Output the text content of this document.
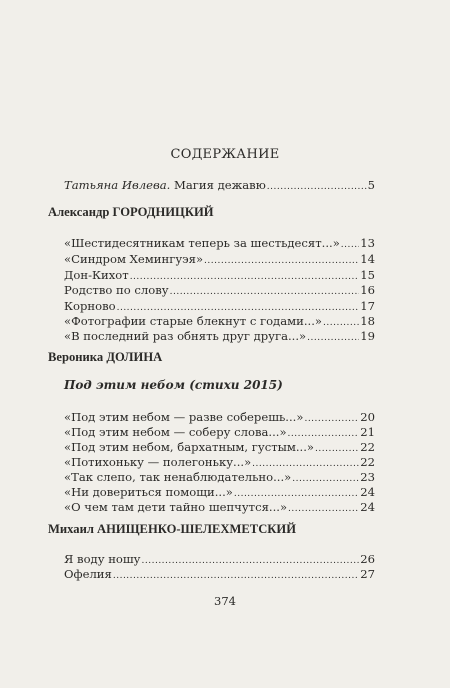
СОДЕРЖАНИЕ
Татьяна Ивлева. Магия дежавю .....	5
Александр ГОРОДНИЦКИЙ
«Шестидесятникам теперь за шестьдесят...» ..... 13
«Синдром Хемингуэя» .....	14
Дон-Кихот .....	15
Родство по слову .....	16
Корново .....	17
«Фотографии старые блекнут с годами...» .....	18
«В последний раз обнять друг друга...» .....	19
Вероника ДОЛИНА
Под этим небом (стихи 2015)
«Под этим небом — разве соберешь...» .....	20
«Под этим небом — соберу слова...» .....	21
«Под этим небом, бархатным, густым...» .....	22
«Потихоньку — полегоньку...» .....	22
«Так слепо, так ненаблюдательно...» .....	23
«Ни довериться помощи...» .....	24
«О чем там дети тайно шепчутся...» .....	24
Михаил АНИЩЕНКО-ШЕЛЕХМЕТСКИЙ
Я воду ношу .....	26
Офелия .....	27
374
